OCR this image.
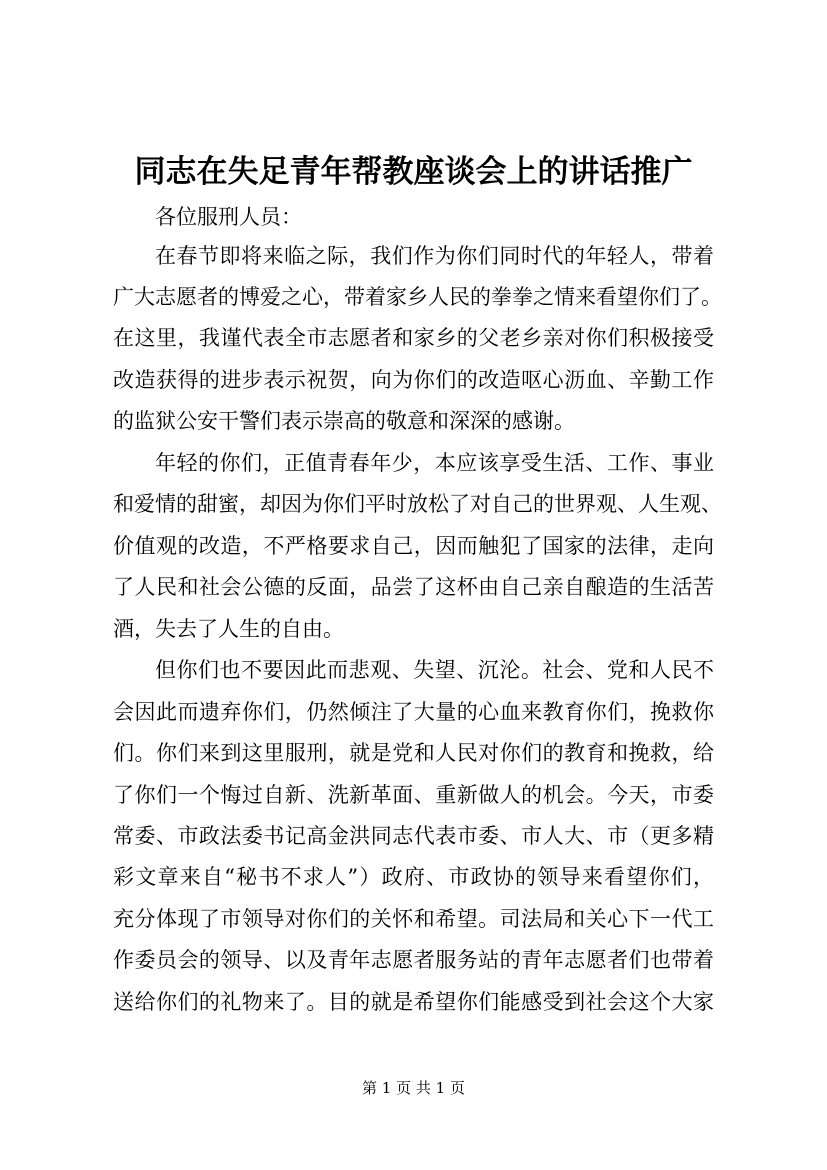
同志在失足青年帮教座谈会上的讲话推广
各位服刑人员：
在春节即将来临之际，我们作为你们同时代的年轻人，带着
广大志愿者的博爱之心，带着家乡人民的拳拳之情来看望你们了。
在这里，我谨代表全市志愿者和家乡的父老乡亲对你们积极接受
改造获得的进步表示祝贺，向为你们的改造呕心沥血、辛勤工作
的监狱公安干警们表示崇高的敬意和深深的感谢。
年轻的你们，正值青春年少，本应该享受生活、工作、事业
和爱情的甜蜜，却因为你们平时放松了对自己的世界观、人生观、
价值观的改造，不严格要求自己，因而触犯了国家的法律，走向
了人民和社会公德的反面，品尝了这杯由自己亲自酿造的生活苦
酒，失去了人生的自由。
但你们也不要因此而悲观、失望、沉沦。社会、党和人民不
会因此而遗弃你们，仍然倾注了大量的心血来教育你们，挽救你
们。你们来到这里服刑，就是党和人民对你们的教育和挽救，给
了你们一个悔过自新、洗新革面、重新做人的机会。今天，市委
常委、市政法委书记高金洪同志代表市委、市人大、市（更多精
彩文章来自“秘书不求人”）政府、市政协的领导来看望你们，
充分体现了市领导对你们的关怀和希望。司法局和关心下一代工
作委员会的领导、以及青年志愿者服务站的青年志愿者们也带着
送给你们的礼物来了。目的就是希望你们能感受到社会这个大家
第 1 页 共 1 页
